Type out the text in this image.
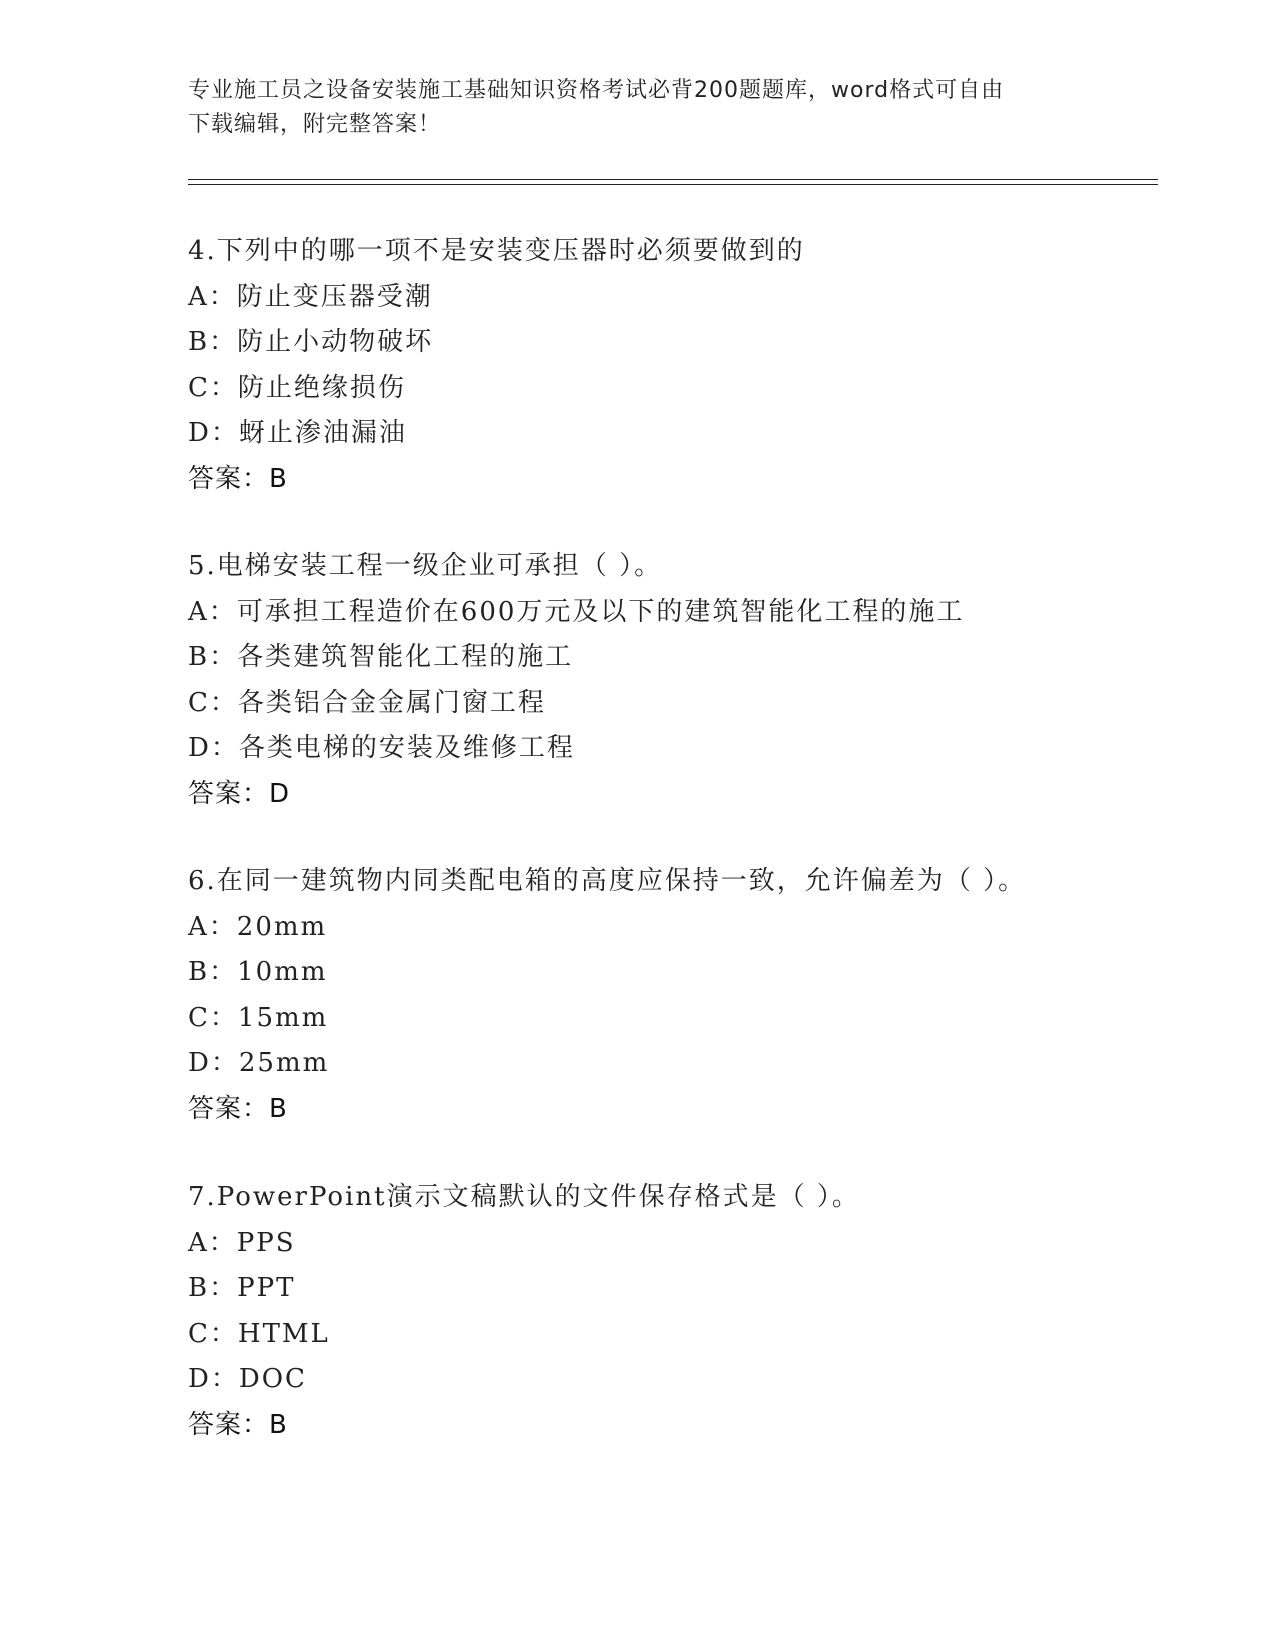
专业施工员之设备安装施工基础知识资格考试必背200题题库，word格式可自由
下载编辑，附完整答案！
4.下列中的哪一项不是安装变压器时必须要做到的
A：防止变压器受潮
B：防止小动物破坏
C：防止绝缘损伤
D：蚜止渗油漏油
答案：B
5.电梯安装工程一级企业可承担（ ）。
A：可承担工程造价在600万元及以下的建筑智能化工程的施工
B：各类建筑智能化工程的施工
C：各类铝合金金属门窗工程
D：各类电梯的安装及维修工程
答案：D
6.在同一建筑物内同类配电箱的高度应保持一致，允许偏差为（ ）。
A：20mm
B：10mm
C：15mm
D：25mm
答案：B
7.PowerPoint演示文稿默认的文件保存格式是（ ）。
A：PPS
B：PPT
C：HTML
D：DOC
答案：B
